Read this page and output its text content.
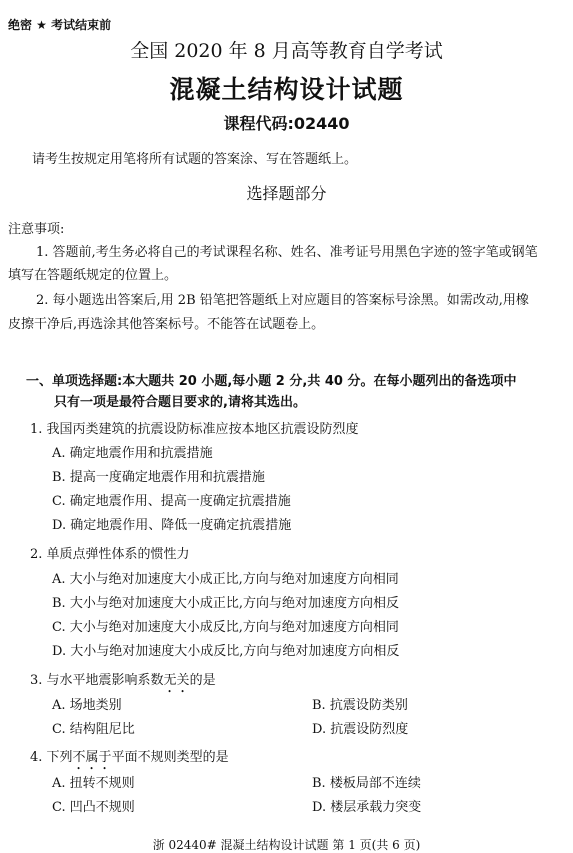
绝密 ★ 考试结束前
全国 2020 年 8 月高等教育自学考试
混凝土结构设计试题
课程代码:02440
请考生按规定用笔将所有试题的答案涂、写在答题纸上。
选择题部分
注意事项:
1. 答题前,考生务必将自己的考试课程名称、姓名、准考证号用黑色字迹的签字笔或钢笔
填写在答题纸规定的位置上。
2. 每小题选出答案后,用 2B 铅笔把答题纸上对应题目的答案标号涂黑。如需改动,用橡
皮擦干净后,再选涂其他答案标号。不能答在试题卷上。
一、单项选择题:本大题共 20 小题,每小题 2 分,共 40 分。在每小题列出的备选项中
只有一项是最符合题目要求的,请将其选出。
1. 我国丙类建筑的抗震设防标准应按本地区抗震设防烈度
A. 确定地震作用和抗震措施
B. 提高一度确定地震作用和抗震措施
C. 确定地震作用、提高一度确定抗震措施
D. 确定地震作用、降低一度确定抗震措施
2. 单质点弹性体系的惯性力
A. 大小与绝对加速度大小成正比,方向与绝对加速度方向相同
B. 大小与绝对加速度大小成正比,方向与绝对加速度方向相反
C. 大小与绝对加速度大小成反比,方向与绝对加速度方向相同
D. 大小与绝对加速度大小成反比,方向与绝对加速度方向相反
3. 与水平地震影响系数无关的是
A. 场地类别	B. 抗震设防类别
C. 结构阻尼比	D. 抗震设防烈度
4. 下列不属于平面不规则类型的是
A. 扭转不规则	B. 楼板局部不连续
C. 凹凸不规则	D. 楼层承载力突变
浙 02440# 混凝土结构设计试题 第 1 页(共 6 页)
